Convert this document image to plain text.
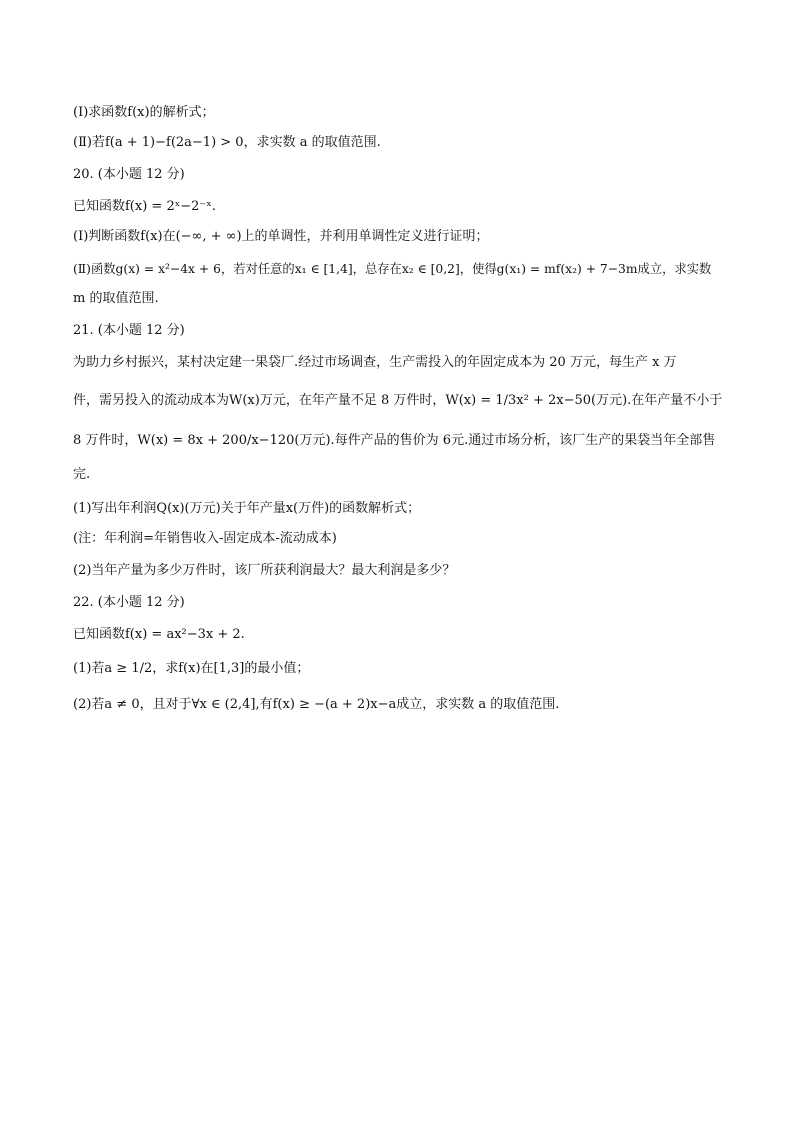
(Ⅰ)求函数f(x)的解析式；
(Ⅱ)若f(a + 1)−f(2a−1) > 0，求实数 a 的取值范围.
20. (本小题 12 分)
已知函数f(x) = 2ˣ−2⁻ˣ.
(Ⅰ)判断函数f(x)在(−∞, + ∞)上的单调性，并利用单调性定义进行证明；
(Ⅱ)函数g(x) = x²−4x + 6，若对任意的x₁ ∈ [1,4]，总存在x₂ ∈ [0,2]，使得g(x₁) = mf(x₂) + 7−3m成立，求实数
m 的取值范围.
21. (本小题 12 分)
为助力乡村振兴，某村决定建一果袋厂.经过市场调查，生产需投入的年固定成本为 20 万元，每生产 x 万
件，需另投入的流动成本为W(x)万元，在年产量不足 8 万件时，W(x) = 1/3x² + 2x−50(万元).在年产量不小于
8 万件时，W(x) = 8x + 200/x−120(万元).每件产品的售价为 6元.通过市场分析，该厂生产的果袋当年全部售
完.
(1)写出年利润Q(x)(万元)关于年产量x(万件)的函数解析式；
(注：年利润=年销售收入-固定成本-流动成本)
(2)当年产量为多少万件时，该厂所获利润最大？最大利润是多少？
22. (本小题 12 分)
已知函数f(x) = ax²−3x + 2.
(1)若a ≥ 1/2，求f(x)在[1,3]的最小值；
(2)若a ≠ 0，且对于∀x ∈ (2,4],有f(x) ≥ −(a + 2)x−a成立，求实数 a 的取值范围.
